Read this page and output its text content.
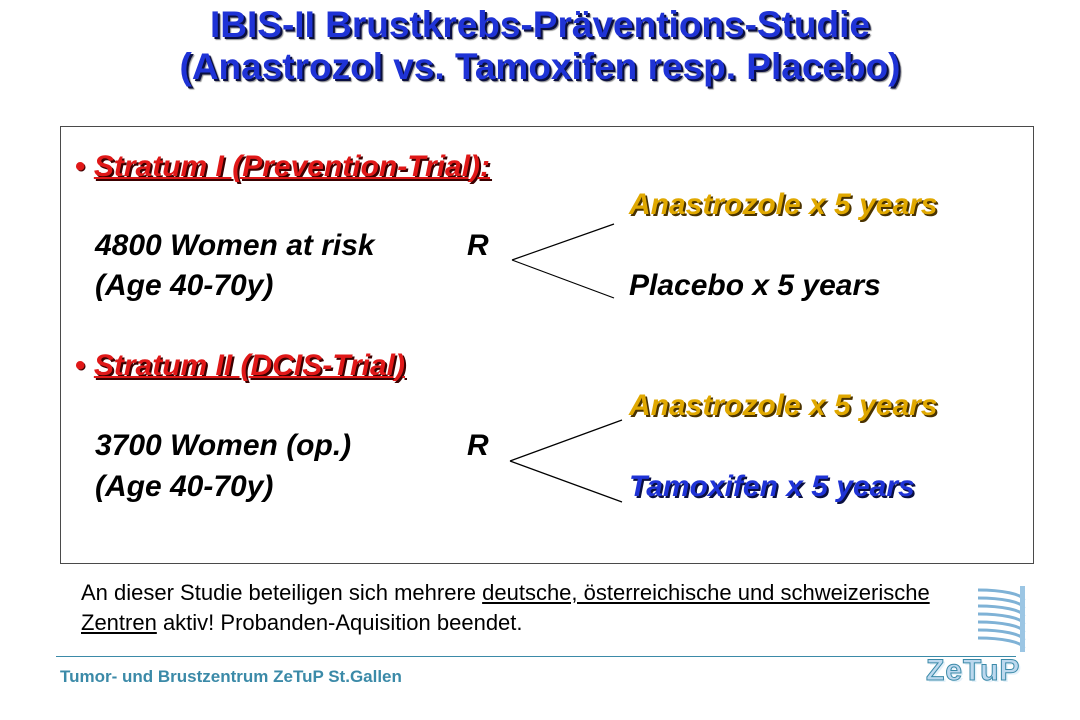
IBIS-II Brustkrebs-Präventions-Studie
(Anastrozol vs. Tamoxifen resp. Placebo)
• Stratum I (Prevention-Trial):
Anastrozole x 5 years
4800 Women at risk	R
(Age 40-70y)	Placebo x 5 years
• Stratum II (DCIS-Trial)
Anastrozole x 5 years
3700 Women (op.)	R
(Age 40-70y)	Tamoxifen x 5 years
An dieser Studie beteiligen sich mehrere deutsche, österreichische und schweizerische Zentren aktiv! Probanden-Aquisition beendet.
Tumor- und Brustzentrum ZeTuP St.Gallen	ZeTuP
